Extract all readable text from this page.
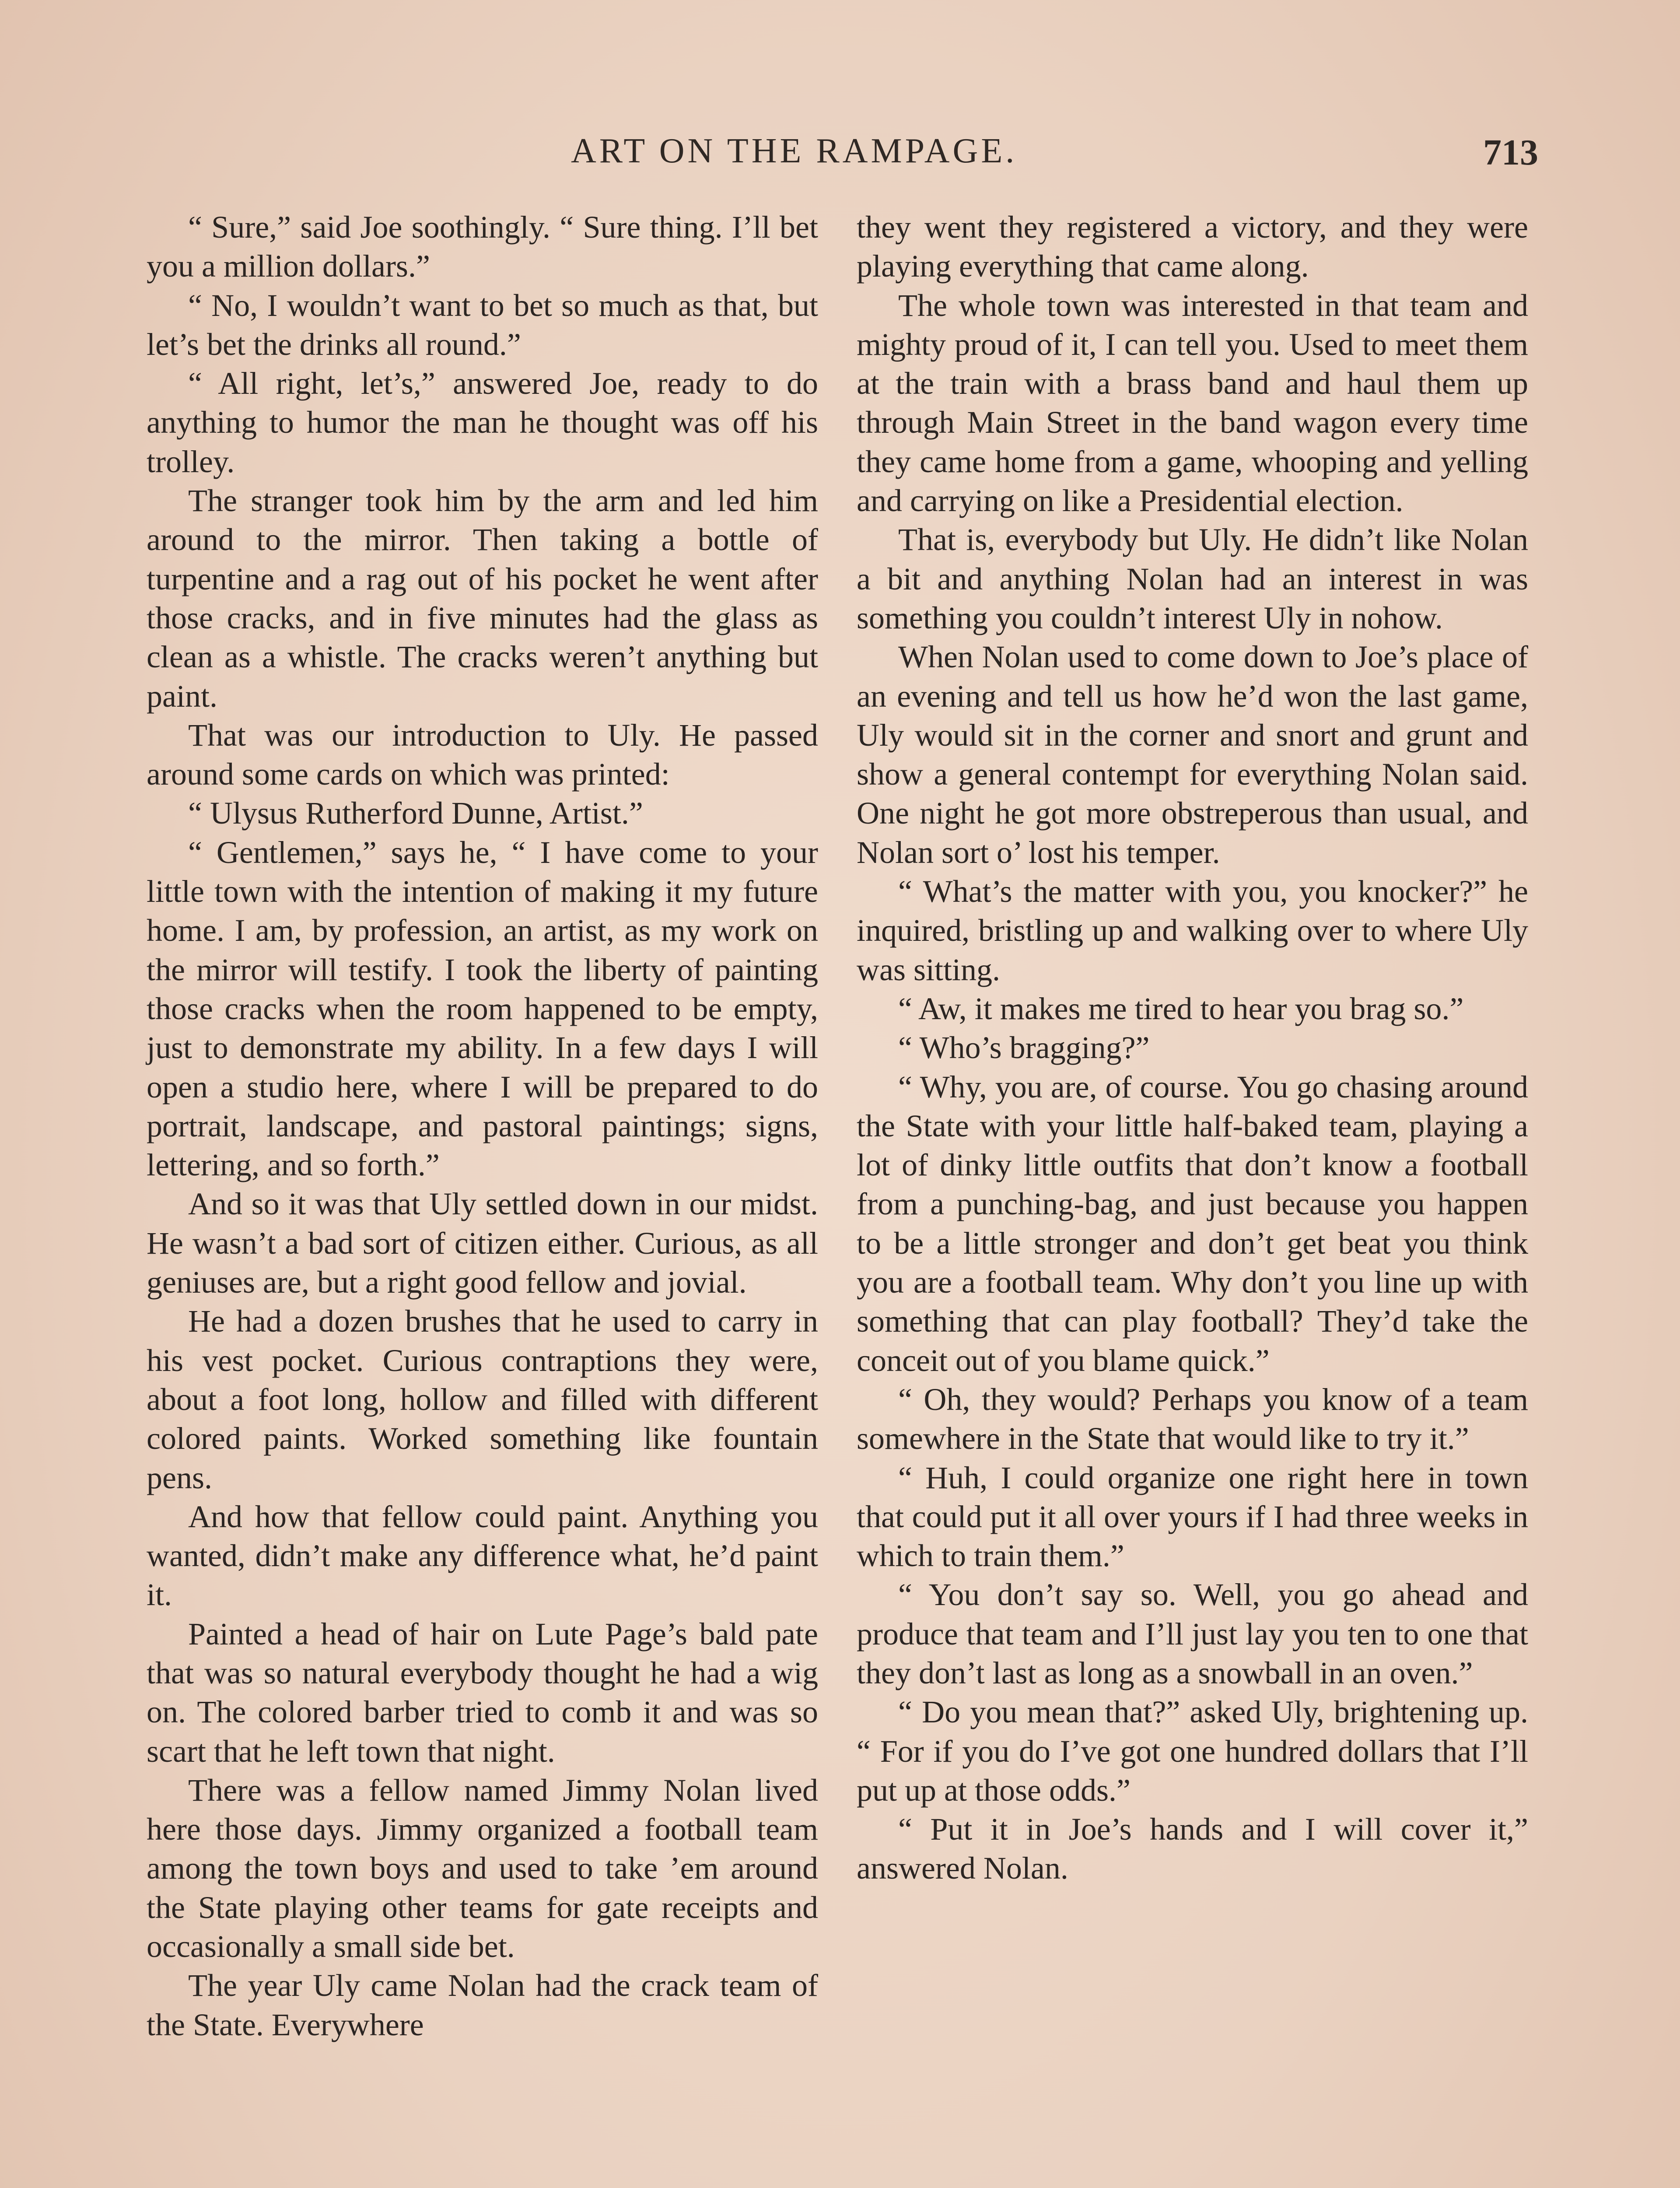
ART ON THE RAMPAGE.	713

“ Sure,” said Joe soothingly. “ Sure thing. I’ll bet you a million dollars.”

“ No, I wouldn’t want to bet so much as that, but let’s bet the drinks all round.”

“ All right, let’s,” answered Joe, ready to do anything to humor the man he thought was off his trolley.

The stranger took him by the arm and led him around to the mirror. Then taking a bottle of turpentine and a rag out of his pocket he went after those cracks, and in five minutes had the glass as clean as a whistle. The cracks weren’t anything but paint.

That was our introduction to Uly. He passed around some cards on which was printed:

“ Ulysus Rutherford Dunne, Artist.”

“ Gentlemen,” says he, “ I have come to your little town with the intention of making it my future home. I am, by profession, an artist, as my work on the mirror will testify. I took the liberty of painting those cracks when the room happened to be empty, just to demonstrate my ability. In a few days I will open a studio here, where I will be prepared to do portrait, landscape, and pastoral paintings; signs, lettering, and so forth.”

And so it was that Uly settled down in our midst. He wasn’t a bad sort of citizen either. Curious, as all geniuses are, but a right good fellow and jovial.

He had a dozen brushes that he used to carry in his vest pocket. Curious contraptions they were, about a foot long, hollow and filled with different colored paints. Worked something like fountain pens.

And how that fellow could paint. Anything you wanted, didn’t make any difference what, he’d paint it.

Painted a head of hair on Lute Page’s bald pate that was so natural everybody thought he had a wig on. The colored barber tried to comb it and was so scart that he left town that night.

There was a fellow named Jimmy Nolan lived here those days. Jimmy organized a football team among the town boys and used to take ’em around the State playing other teams for gate receipts and occasionally a small side bet.

The year Uly came Nolan had the crack team of the State. Everywhere

they went they registered a victory, and they were playing everything that came along.

The whole town was interested in that team and mighty proud of it, I can tell you. Used to meet them at the train with a brass band and haul them up through Main Street in the band wagon every time they came home from a game, whooping and yelling and carrying on like a Presidential election.

That is, everybody but Uly. He didn’t like Nolan a bit and anything Nolan had an interest in was something you couldn’t interest Uly in nohow.

When Nolan used to come down to Joe’s place of an evening and tell us how he’d won the last game, Uly would sit in the corner and snort and grunt and show a general contempt for everything Nolan said. One night he got more obstreperous than usual, and Nolan sort o’ lost his temper.

“ What’s the matter with you, you knocker?” he inquired, bristling up and walking over to where Uly was sitting.

“ Aw, it makes me tired to hear you brag so.”

“ Who’s bragging?”

“ Why, you are, of course. You go chasing around the State with your little half-baked team, playing a lot of dinky little outfits that don’t know a football from a punching-bag, and just because you happen to be a little stronger and don’t get beat you think you are a football team. Why don’t you line up with something that can play football? They’d take the conceit out of you blame quick.”

“ Oh, they would? Perhaps you know of a team somewhere in the State that would like to try it.”

“ Huh, I could organize one right here in town that could put it all over yours if I had three weeks in which to train them.”

“ You don’t say so. Well, you go ahead and produce that team and I’ll just lay you ten to one that they don’t last as long as a snowball in an oven.”

“ Do you mean that?” asked Uly, brightening up. “ For if you do I’ve got one hundred dollars that I’ll put up at those odds.”

“ Put it in Joe’s hands and I will cover it,” answered Nolan.
